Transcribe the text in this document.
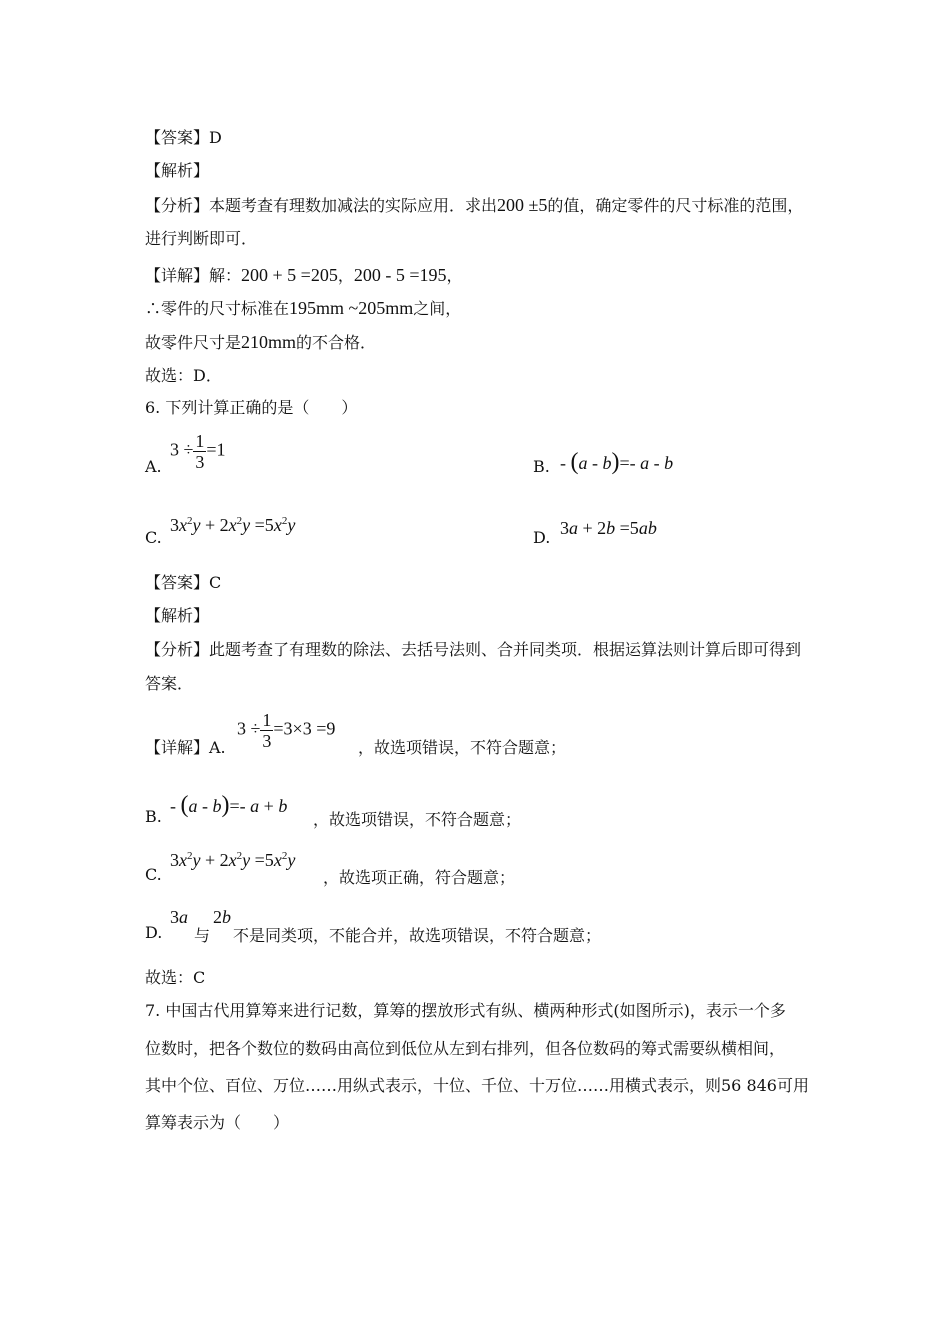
【答案】D
【解析】
【分析】本题考查有理数加减法的实际应用．求出200 ±5的值，确定零件的尺寸标准的范围，
进行判断即可．
【详解】解：200 + 5 =205，200 - 5 =195，
∴零件的尺寸标准在195mm ~205mm之间，
故零件尺寸是210mm的不合格．
故选：D．
6. 下列计算正确的是（　　）
A.
$3 \div \frac{1}{3} =1$
B. - (a - b)=- a - b
C.
$3x^2y + 2x^2y =5x^2y$
D. 3a + 2b =5ab
【答案】C
【解析】
【分析】此题考查了有理数的除法、去括号法则、合并同类项．根据运算法则计算后即可得到
答案．
【详解】A.
$3 \div \frac{1}{3} =3\times 3 =9$
，故选项错误，不符合题意；
B.
- (a - b)=- a + b
，故选项错误，不符合题意；
C.
$3x^2y + 2x^2y =5x^2y$
，故选项正确，符合题意；
D.
3a
与
2b
不是同类项，不能合并，故选项错误，不符合题意；
故选：C
7. 中国古代用算筹来进行记数，算筹的摆放形式有纵、横两种形式(如图所示)，表示一个多
位数时，把各个数位的数码由高位到低位从左到右排列，但各位数码的筹式需要纵横相间，
其中个位、百位、万位……用纵式表示，十位、千位、十万位……用横式表示，则56 846可用
算筹表示为（　　）
